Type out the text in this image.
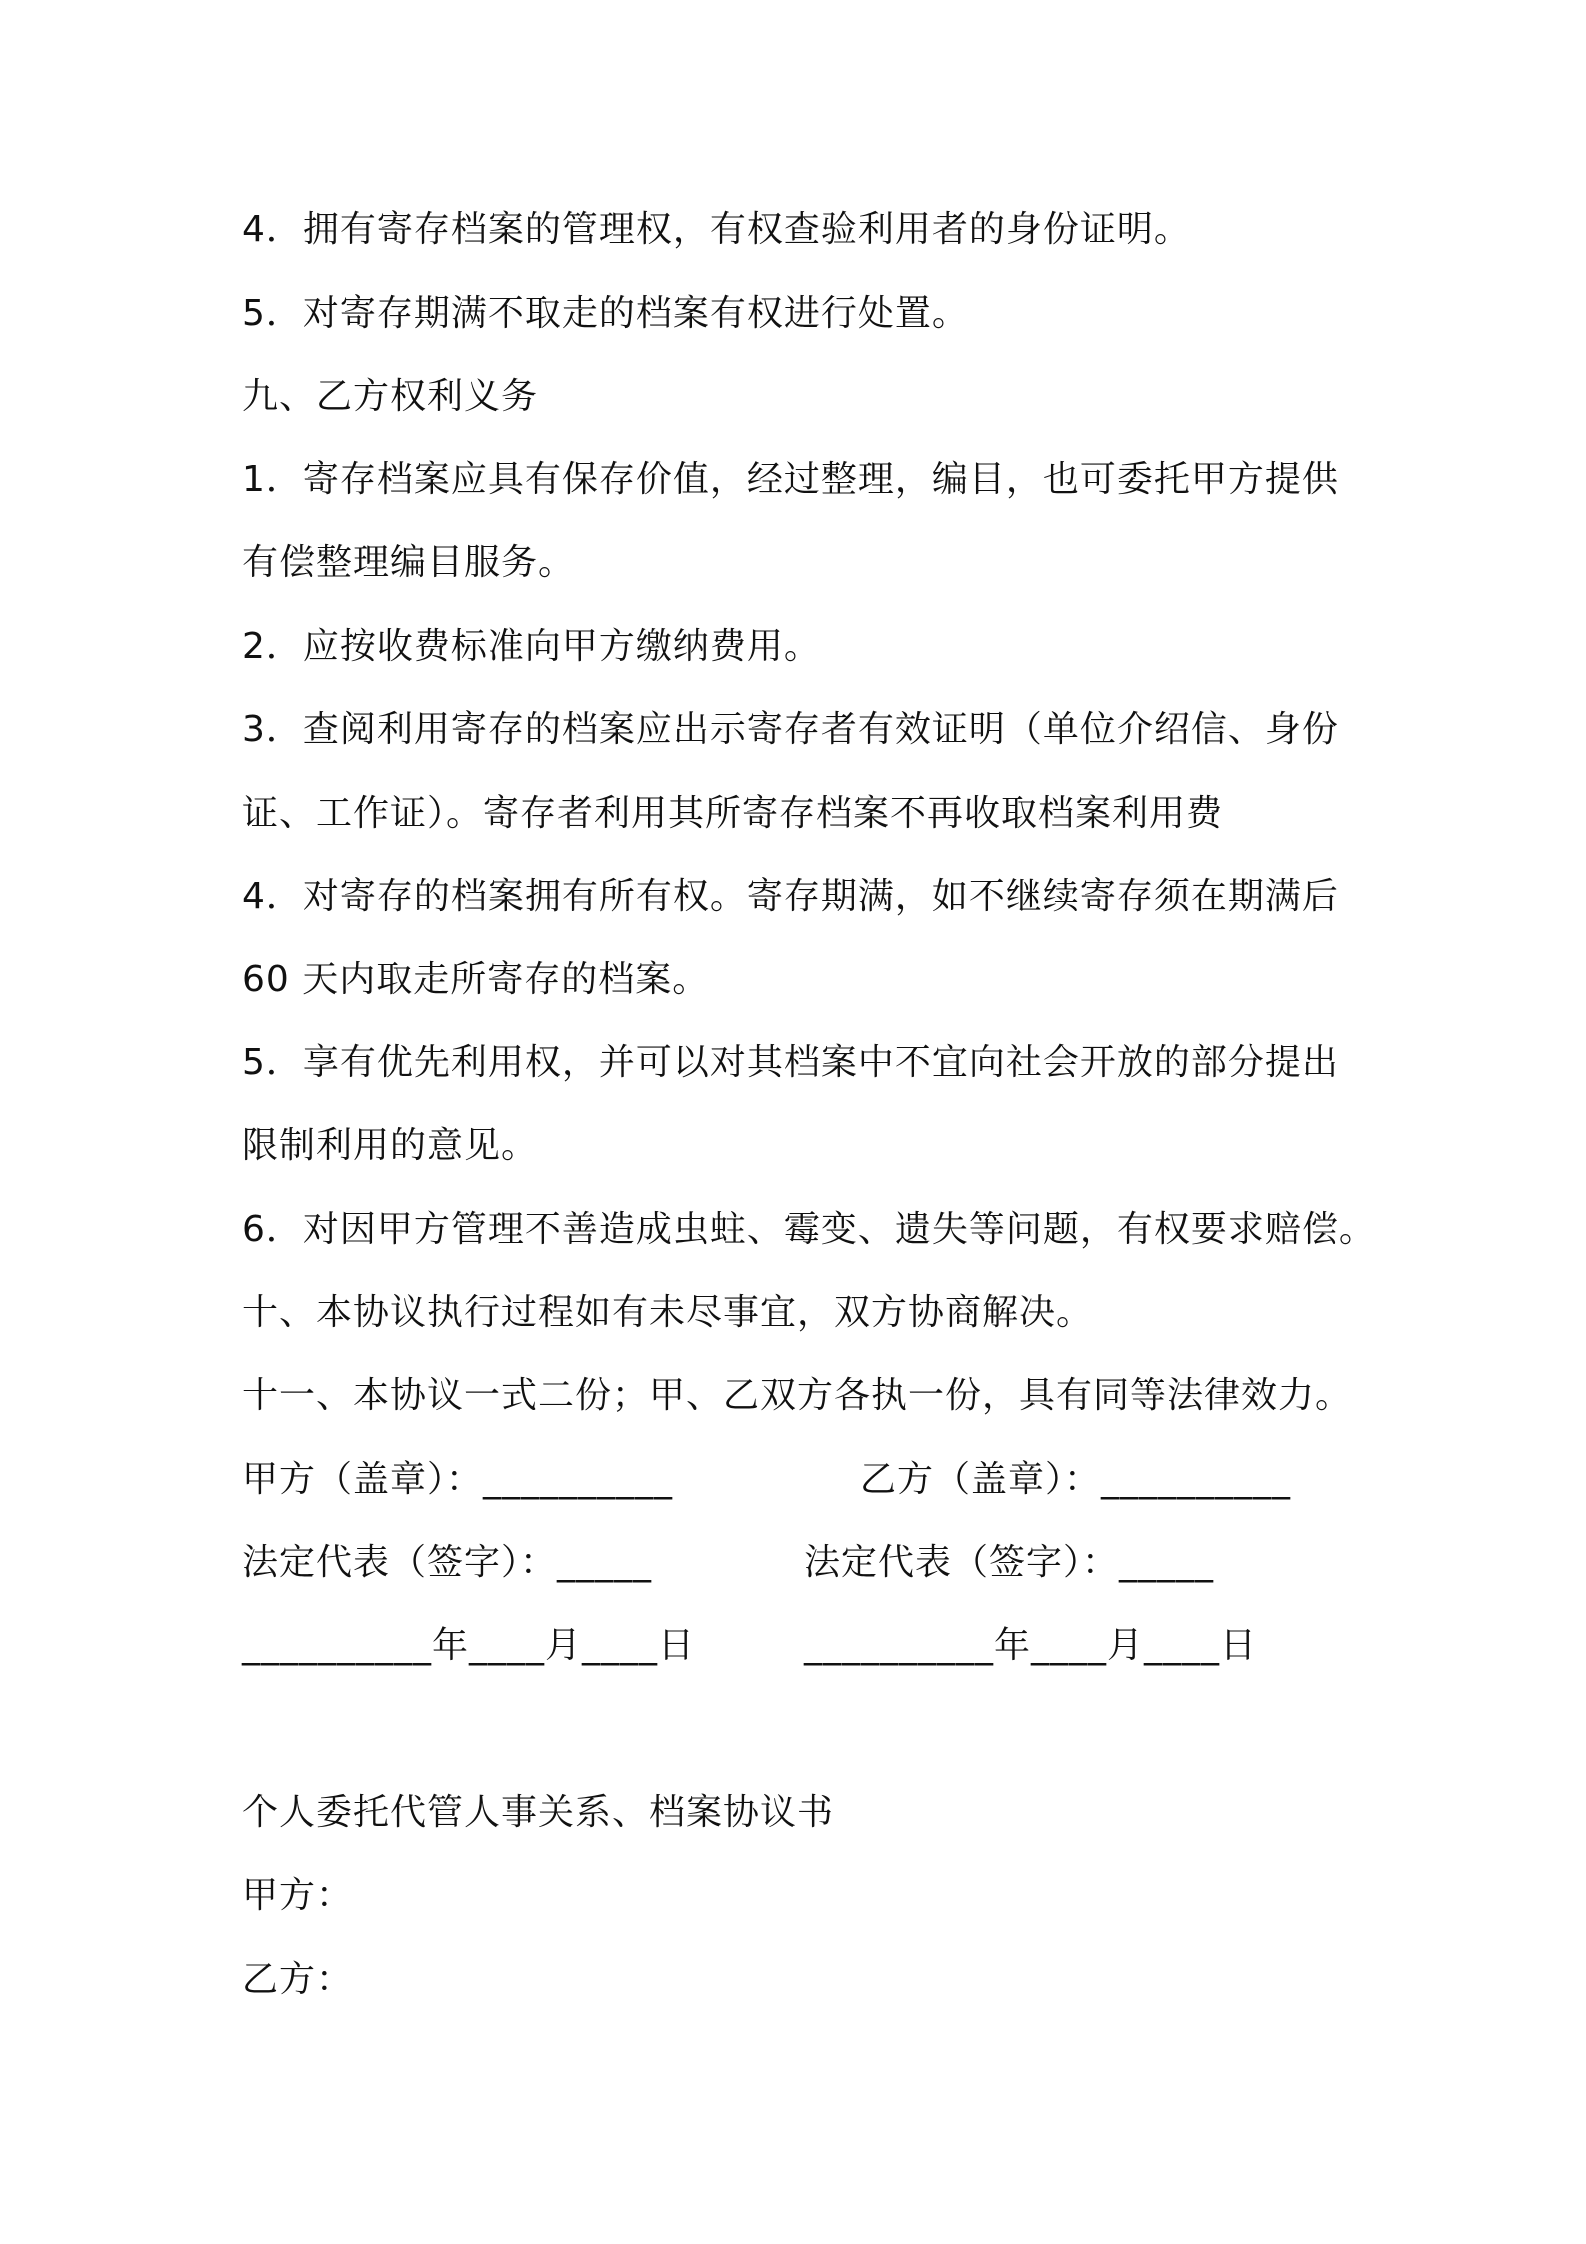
4．拥有寄存档案的管理权，有权查验利用者的身份证明。
5．对寄存期满不取走的档案有权进行处置。
九、乙方权利义务
1．寄存档案应具有保存价值，经过整理，编目，也可委托甲方提供
有偿整理编目服务。
2．应按收费标准向甲方缴纳费用。
3．查阅利用寄存的档案应出示寄存者有效证明（单位介绍信、身份
证、工作证）。寄存者利用其所寄存档案不再收取档案利用费
4．对寄存的档案拥有所有权。寄存期满，如不继续寄存须在期满后
60 天内取走所寄存的档案。
5．享有优先利用权，并可以对其档案中不宜向社会开放的部分提出
限制利用的意见。
6．对因甲方管理不善造成虫蛀、霉变、遗失等问题，有权要求赔偿。
十、本协议执行过程如有未尽事宜，双方协商解决。
十一、本协议一式二份；甲、乙双方各执一份，具有同等法律效力。
甲方（盖章）：__________	乙方（盖章）：__________
法定代表（签字）：_____	法定代表（签字）：_____
__________年____月____日	__________年____月____日
个人委托代管人事关系、档案协议书
甲方：
乙方：
